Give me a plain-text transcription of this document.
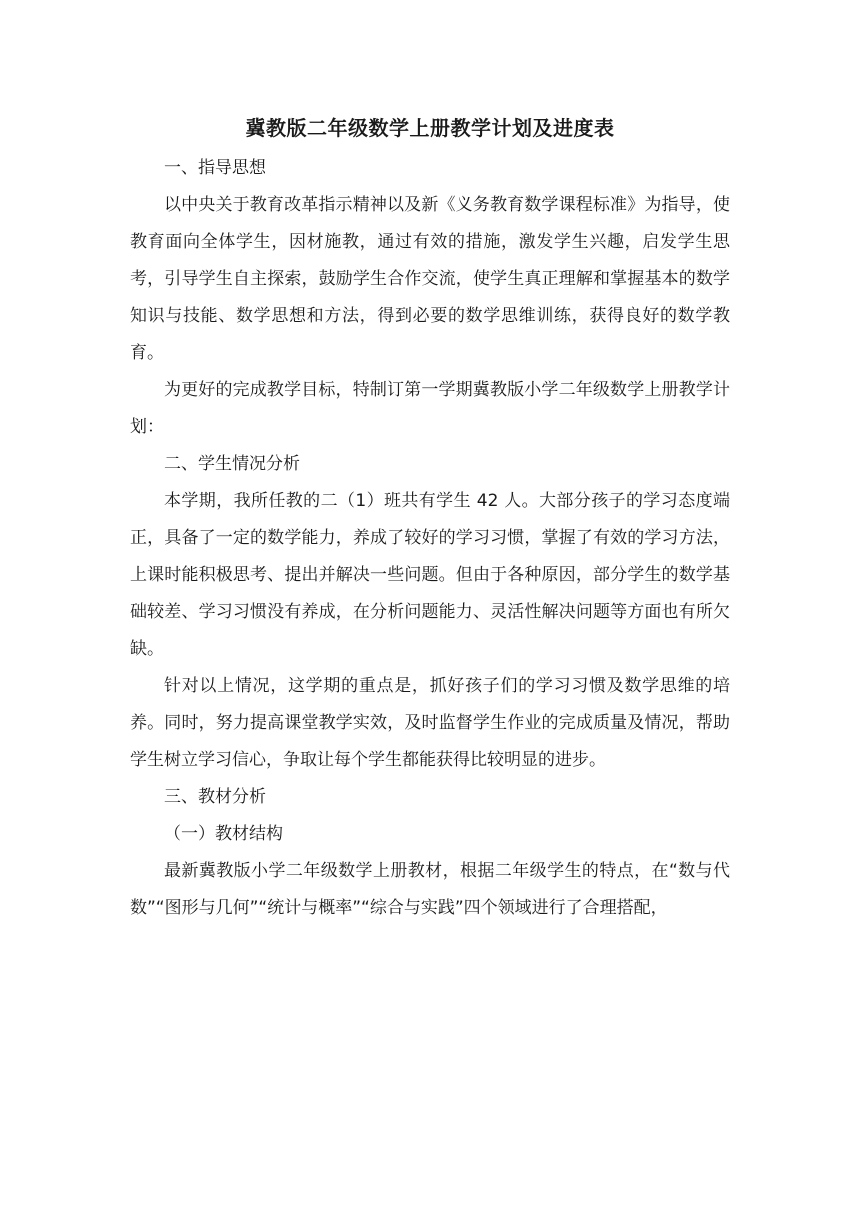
冀教版二年级数学上册教学计划及进度表

一、指导思想

以中央关于教育改革指示精神以及新《义务教育数学课程标准》为指导，使教育面向全体学生，因材施教，通过有效的措施，激发学生兴趣，启发学生思考，引导学生自主探索，鼓励学生合作交流，使学生真正理解和掌握基本的数学知识与技能、数学思想和方法，得到必要的数学思维训练，获得良好的数学教育。

为更好的完成教学目标，特制订第一学期冀教版小学二年级数学上册教学计划：

二、学生情况分析

本学期，我所任教的二（1）班共有学生 42 人。大部分孩子的学习态度端正，具备了一定的数学能力，养成了较好的学习习惯，掌握了有效的学习方法，上课时能积极思考、提出并解决一些问题。但由于各种原因，部分学生的数学基础较差、学习习惯没有养成，在分析问题能力、灵活性解决问题等方面也有所欠缺。

针对以上情况，这学期的重点是，抓好孩子们的学习习惯及数学思维的培养。同时，努力提高课堂教学实效，及时监督学生作业的完成质量及情况，帮助学生树立学习信心，争取让每个学生都能获得比较明显的进步。

三、教材分析

（一）教材结构

最新冀教版小学二年级数学上册教材，根据二年级学生的特点，在“数与代数”“图形与几何”“统计与概率”“综合与实践”四个领域进行了合理搭配，
